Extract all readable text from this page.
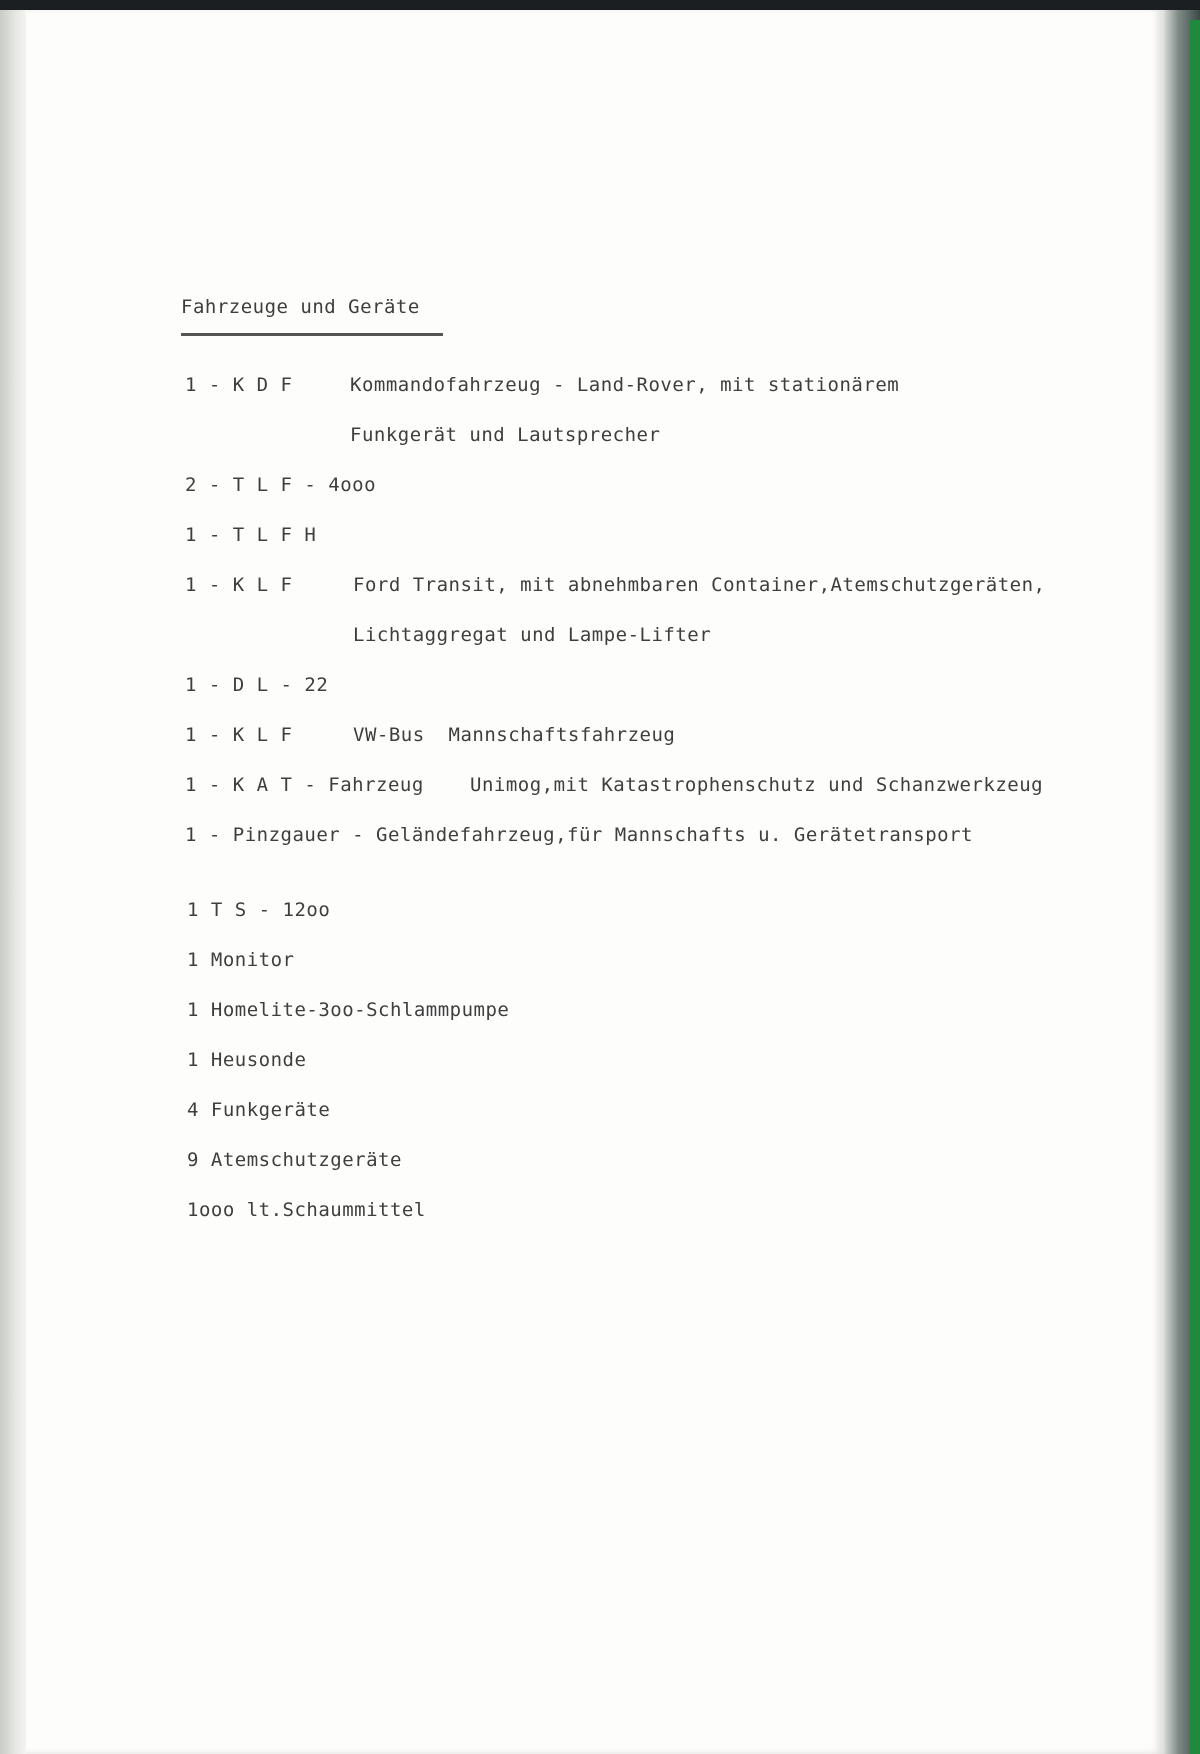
Fahrzeuge und Geräte
1 - K D F	Kommandofahrzeug - Land-Rover, mit stationärem
Funkgerät und Lautsprecher
2 - T L F - 4ooo
1 - T L F H
1 - K L F	Ford Transit, mit abnehmbaren Container,Atemschutzgeräten,
Lichtaggregat und Lampe-Lifter
1 - D L - 22
1 - K L F	VW-Bus  Mannschaftsfahrzeug
1 - K A T - Fahrzeug Unimog,mit Katastrophenschutz und Schanzwerkzeug
1 - Pinzgauer - Geländefahrzeug,für Mannschafts u. Gerätetransport
1 T S - 12oo
1 Monitor
1 Homelite-3oo-Schlammpumpe
1 Heusonde
4 Funkgeräte
9 Atemschutzgeräte
1ooo lt.Schaummittel
